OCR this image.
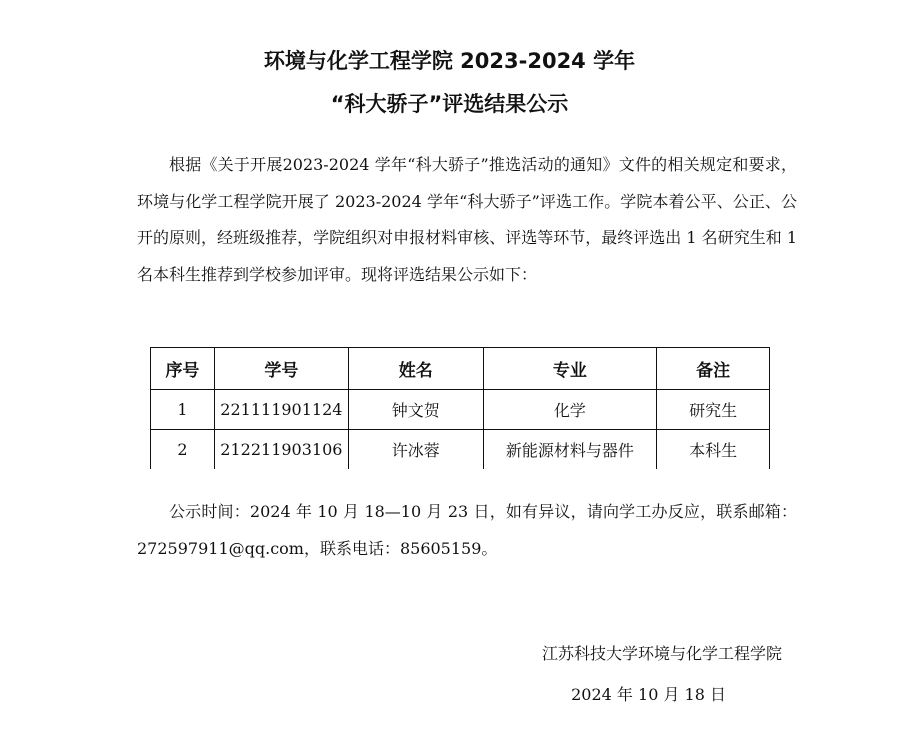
环境与化学工程学院 2023-2024 学年
“科大骄子”评选结果公示

根据《关于开展2023-2024 学年“科大骄子”推选活动的通知》文件的相关规定和要求，环境与化学工程学院开展了 2023-2024 学年“科大骄子”评选工作。学院本着公平、公正、公开的原则，经班级推荐，学院组织对申报材料审核、评选等环节，最终评选出 1 名研究生和 1 名本科生推荐到学校参加评审。现将评选结果公示如下：

序号	学号	姓名	专业	备注
1	221111901124	钟文贺	化学	研究生
2	212211903106	许冰蓉	新能源材料与器件	本科生

公示时间：2024 年 10 月 18—10 月 23 日，如有异议，请向学工办反应，联系邮箱：272597911@qq.com，联系电话：85605159。

江苏科技大学环境与化学工程学院
2024 年 10 月 18 日
